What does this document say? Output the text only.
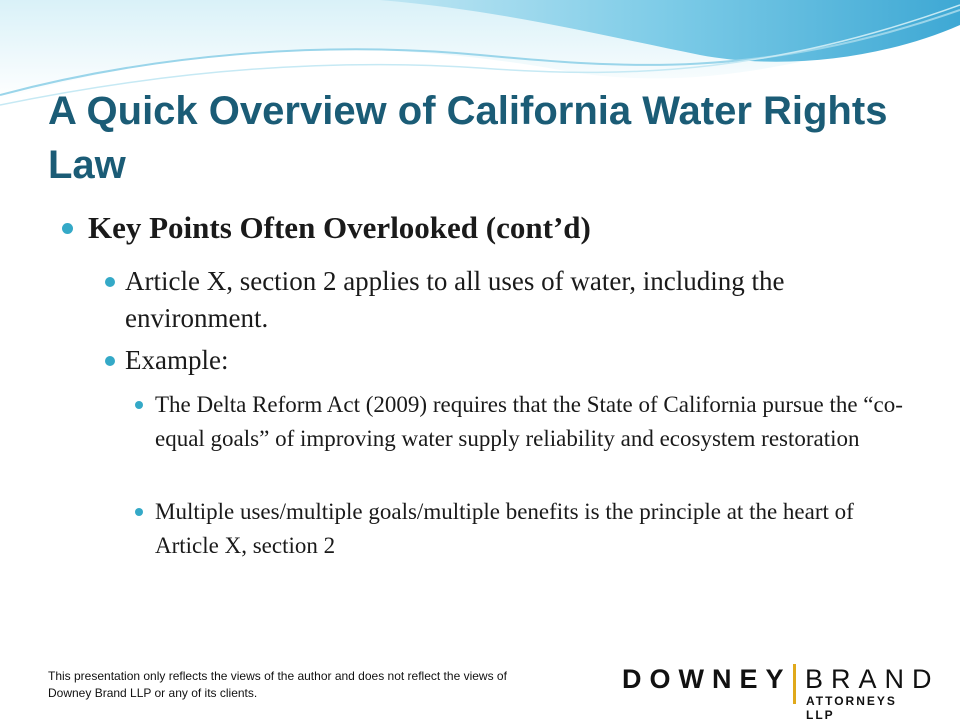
A Quick Overview of California Water Rights Law
Key Points Often Overlooked (cont’d)
Article X, section 2 applies to all uses of water, including the environment.
Example:
The Delta Reform Act (2009) requires that the State of California pursue the “co-equal goals” of improving water supply reliability and ecosystem restoration
Multiple uses/multiple goals/multiple benefits is the principle at the heart of Article X, section 2
This presentation only reflects the views of the author and does not reflect the views of Downey Brand LLP or any of its clients.	DOWNEY BRAND
ATTORNEYS LLP
